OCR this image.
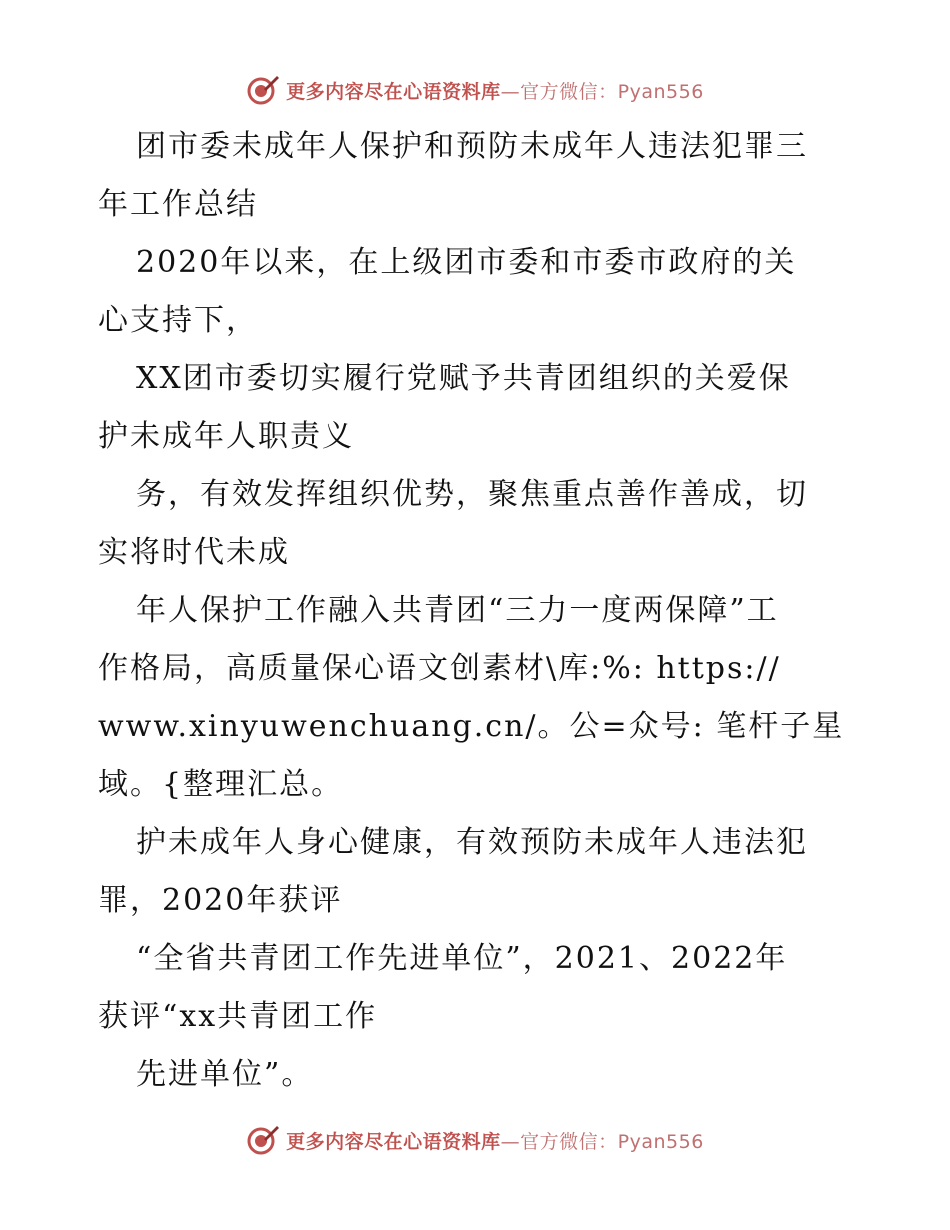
更多内容尽在心语资料库—官方微信：Pyan556
团市委未成年人保护和预防未成年人违法犯罪三
年工作总结
2020年以来，在上级团市委和市委市政府的关
心支持下，
XX团市委切实履行党赋予共青团组织的关爱保
护未成年人职责义
务，有效发挥组织优势，聚焦重点善作善成，切
实将时代未成
年人保护工作融入共青团“三力一度两保障”工
作格局，高质量保心语文创素材\库:%: https://
www.xinyuwenchuang.cn/。公=众号: 笔杆子星
域。{整理汇总。
护未成年人身心健康，有效预防未成年人违法犯
罪，2020年获评
“全省共青团工作先进单位”，2021、2022年
获评“xx共青团工作
先进单位”。
更多内容尽在心语资料库—官方微信：Pyan556
